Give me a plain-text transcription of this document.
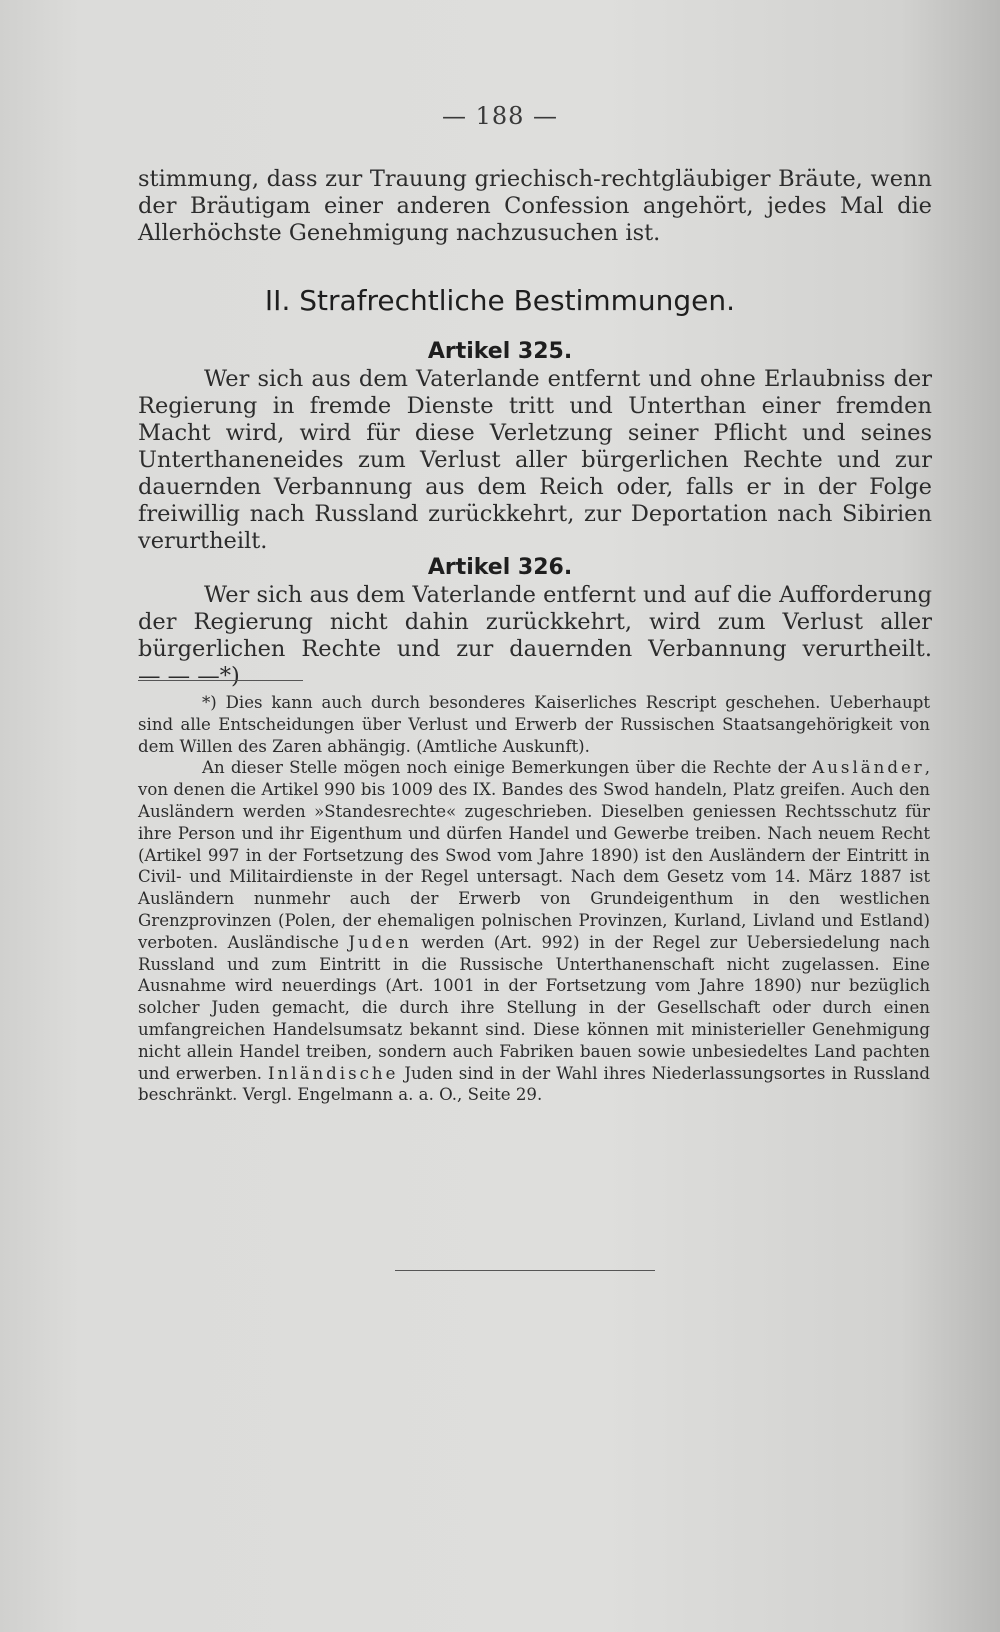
— 188 —

stimmung, dass zur Trauung griechisch-rechtgläubiger Bräute, wenn der Bräutigam einer anderen Confession angehört, jedes Mal die Allerhöchste Genehmigung nachzusuchen ist.

II. Strafrechtliche Bestimmungen.
Artikel 325.

Wer sich aus dem Vaterlande entfernt und ohne Erlaubniss der Regierung in fremde Dienste tritt und Unterthan einer fremden Macht wird, wird für diese Verletzung seiner Pflicht und seines Unterthaneneides zum Verlust aller bürgerlichen Rechte und zur dauernden Verbannung aus dem Reich oder, falls er in der Folge freiwillig nach Russland zurückkehrt, zur Deportation nach Sibirien verurtheilt.

Artikel 326.

Wer sich aus dem Vaterlande entfernt und auf die Aufforderung der Regierung nicht dahin zurückkehrt, wird zum Verlust aller bürgerlichen Rechte und zur dauernden Verbannung verurtheilt. — — —*)

*) Dies kann auch durch besonderes Kaiserliches Rescript geschehen. Ueberhaupt sind alle Entscheidungen über Verlust und Erwerb der Russischen Staatsangehörigkeit von dem Willen des Zaren abhängig. (Amtliche Auskunft).

An dieser Stelle mögen noch einige Bemerkungen über die Rechte der Ausländer, von denen die Artikel 990 bis 1009 des IX. Bandes des Swod handeln, Platz greifen. Auch den Ausländern werden »Standesrechte« zugeschrieben. Dieselben geniessen Rechtsschutz für ihre Person und ihr Eigenthum und dürfen Handel und Gewerbe treiben. Nach neuem Recht (Artikel 997 in der Fortsetzung des Swod vom Jahre 1890) ist den Ausländern der Eintritt in Civil- und Militairdienste in der Regel untersagt. Nach dem Gesetz vom 14. März 1887 ist Ausländern nunmehr auch der Erwerb von Grundeigenthum in den westlichen Grenzprovinzen (Polen, der ehemaligen polnischen Provinzen, Kurland, Livland und Estland) verboten. Ausländische Juden werden (Art. 992) in der Regel zur Uebersiedelung nach Russland und zum Eintritt in die Russische Unterthanenschaft nicht zugelassen. Eine Ausnahme wird neuerdings (Art. 1001 in der Fortsetzung vom Jahre 1890) nur bezüglich solcher Juden gemacht, die durch ihre Stellung in der Gesellschaft oder durch einen umfangreichen Handelsumsatz bekannt sind. Diese können mit ministerieller Genehmigung nicht allein Handel treiben, sondern auch Fabriken bauen sowie unbesiedeltes Land pachten und erwerben. Inländische Juden sind in der Wahl ihres Niederlassungsortes in Russland beschränkt. Vergl. Engelmann a. a. O., Seite 29.
